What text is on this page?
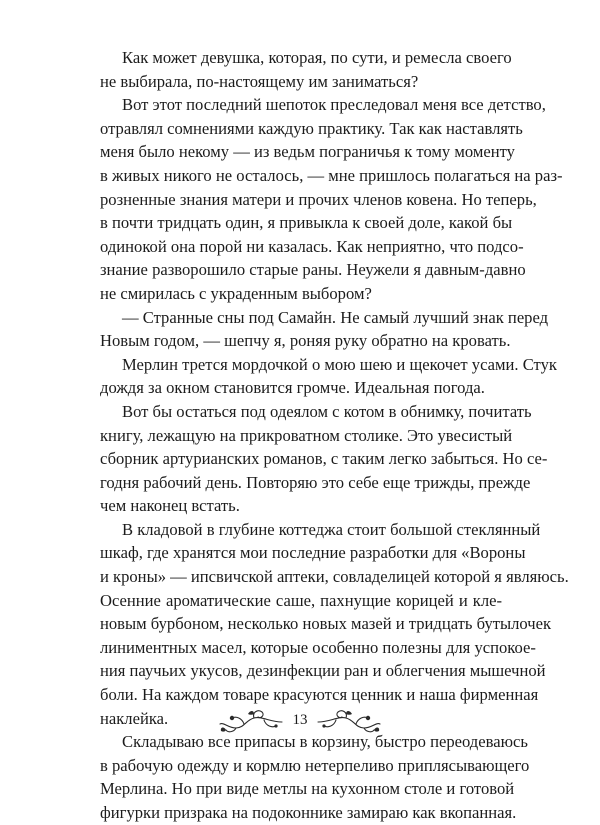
Как может девушка, которая, по сути, и ремесла своего
не выбирала, по-настоящему им заниматься?

Вот этот последний шепоток преследовал меня все детство,
отравлял сомнениями каждую практику. Так как наставлять
меня было некому — из ведьм пограничья к тому моменту
в живых никого не осталось, — мне пришлось полагаться на раз-
розненные знания матери и прочих членов ковена. Но теперь,
в почти тридцать один, я привыкла к своей доле, какой бы
одинокой она порой ни казалась. Как неприятно, что подсо-
знание разворошило старые раны. Неужели я давным-давно
не смирилась с украденным выбором?

— Странные сны под Самайн. Не самый лучший знак перед
Новым годом, — шепчу я, роняя руку обратно на кровать.

Мерлин трется мордочкой о мою шею и щекочет усами. Стук
дождя за окном становится громче. Идеальная погода.

Вот бы остаться под одеялом с котом в обнимку, почитать
книгу, лежащую на прикроватном столике. Это увесистый
сборник артурианских романов, с таким легко забыться. Но се-
годня рабочий день. Повторяю это себе еще трижды, прежде
чем наконец встать.

В кладовой в глубине коттеджа стоит большой стеклянный
шкаф, где хранятся мои последние разработки для «Вороны
и кроны» — ипсвичской аптеки, совладелицей которой я являюсь.
Осенние ароматические саше, пахнущие корицей и кле-
новым бурбоном, несколько новых мазей и тридцать бутылочек
линиментных масел, которые особенно полезны для успокое-
ния паучьих укусов, дезинфекции ран и облегчения мышечной
боли. На каждом товаре красуются ценник и наша фирменная
наклейка.

Складываю все припасы в корзину, быстро переодеваюсь
в рабочую одежду и кормлю нетерпеливо приплясывающего
Мерлина. Но при виде метлы на кухонном столе и готовой
фигурки призрака на подоконнике замираю как вкопанная.

13
